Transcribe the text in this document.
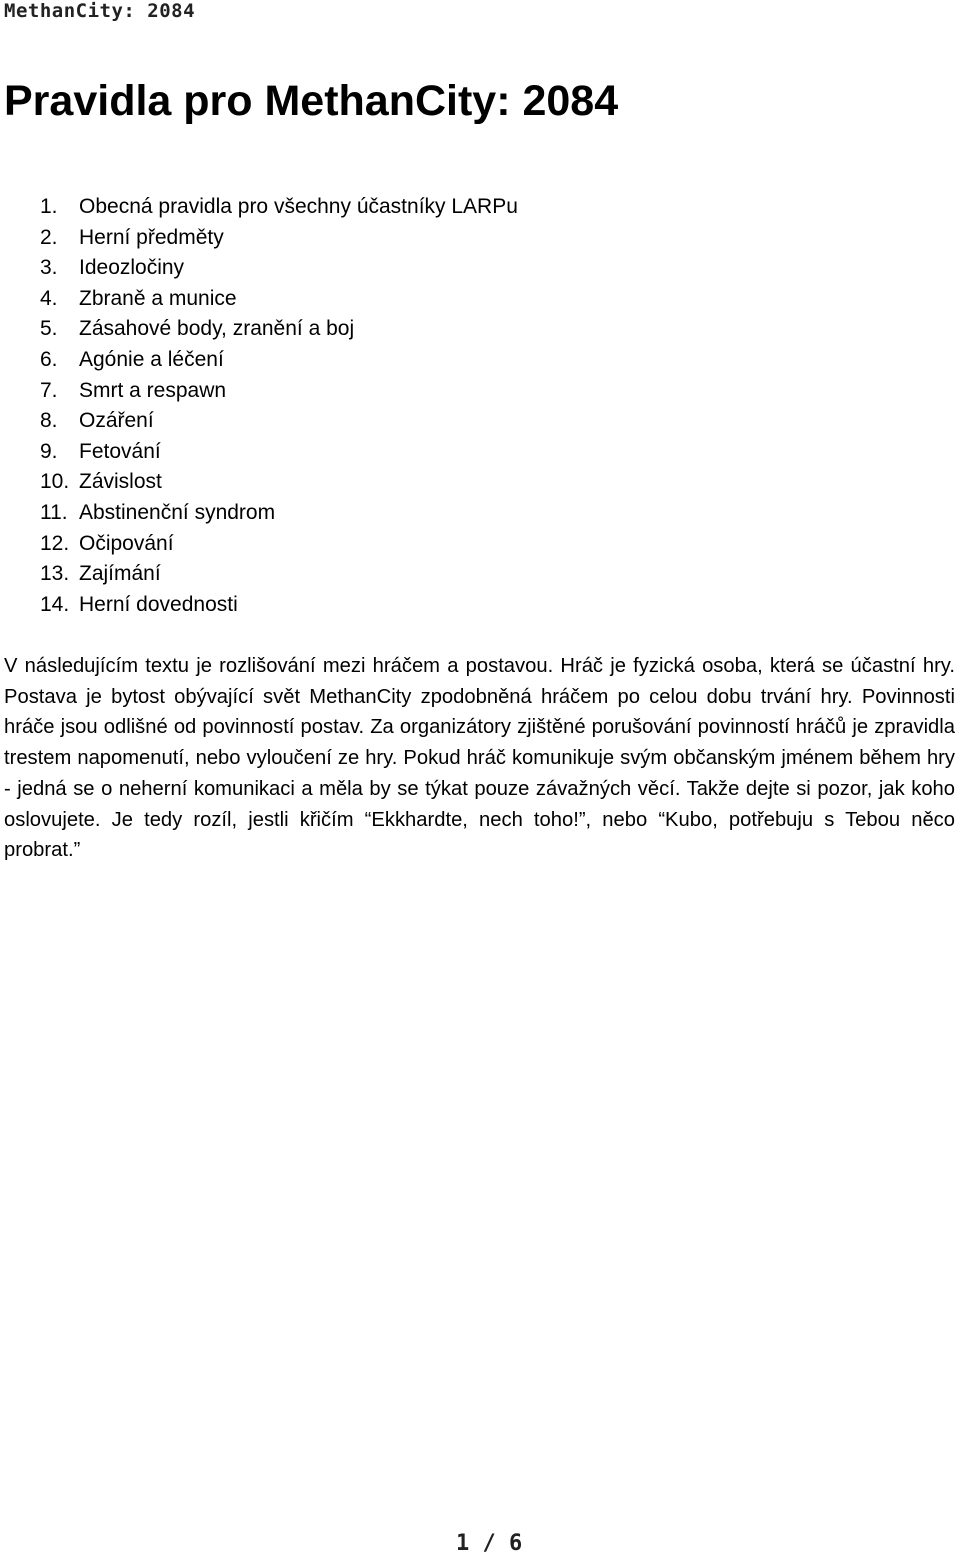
MethanCity: 2084
Pravidla pro MethanCity: 2084
1. Obecná pravidla pro všechny účastníky LARPu
2. Herní předměty
3. Ideozločiny
4. Zbraně a munice
5. Zásahové body, zranění a boj
6. Agónie a léčení
7. Smrt a respawn
8. Ozáření
9. Fetování
10. Závislost
11. Abstinenční syndrom
12. Očipování
13. Zajímání
14. Herní dovednosti

V následujícím textu je rozlišování mezi hráčem a postavou. Hráč je fyzická osoba, která se účastní hry. Postava je bytost obývající svět MethanCity zpodobněná hráčem po celou dobu trvání hry. Povinnosti hráče jsou odlišné od povinností postav. Za organizátory zjištěné porušování povinností hráčů je zpravidla trestem napomenutí, nebo vyloučení ze hry. Pokud hráč komunikuje svým občanským jménem během hry - jedná se o neherní komunikaci a měla by se týkat pouze závažných věcí. Takže dejte si pozor, jak koho oslovujete. Je tedy rozíl, jestli křičím “Ekkhardte, nech toho!”, nebo “Kubo, potřebuju s Tebou něco probrat.”

1 / 6
